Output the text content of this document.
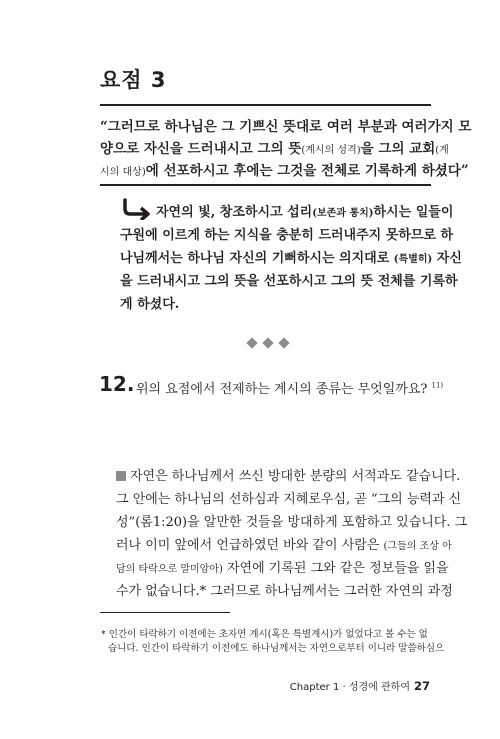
요점 3
“그러므로 하나님은 그 기쁘신 뜻대로 여러 부분과 여러가지 모
양으로 자신을 드러내시고 그의 뜻(계시의 성격)을 그의 교회(계
시의 대상)에 선포하시고 후에는 그것을 전체로 기록하게 하셨다”
자연의 빛, 창조하시고 섭리(보존과 통치)하시는 일들이
구원에 이르게 하는 지식을 충분히 드러내주지 못하므로 하
나님께서는 하나님 자신의 기뻐하시는 의지대로 (특별히) 자신
을 드러내시고 그의 뜻을 선포하시고 그의 뜻 전체를 기록하
게 하셨다.
12. 위의 요점에서 전제하는 계시의 종류는 무엇일까요? $^{11)}$
자연은 하나님께서 쓰신 방대한 분량의 서적과도 같습니다.
그 안에는 하나님의 선하심과 지혜로우심, 곧 “그의 능력과 신
성”(롬1:20)을 알만한 것들을 방대하게 포함하고 있습니다. 그
러나 이미 앞에서 언급하였던 바와 같이 사람은 (그들의 조상 아
담의 타락으로 말미암아) 자연에 기록된 그와 같은 정보들을 읽을
수가 없습니다.* 그러므로 하나님께서는 그러한 자연의 과정
* 인간이 타락하기 이전에는 초자연 계시(혹은 특별계시)가 없었다고 볼 수는 없
습니다. 인간이 타락하기 이전에도 하나님께서는 자연으로부터 이니라 말씀하심으
Chapter 1 · 성경에 관하여 27
